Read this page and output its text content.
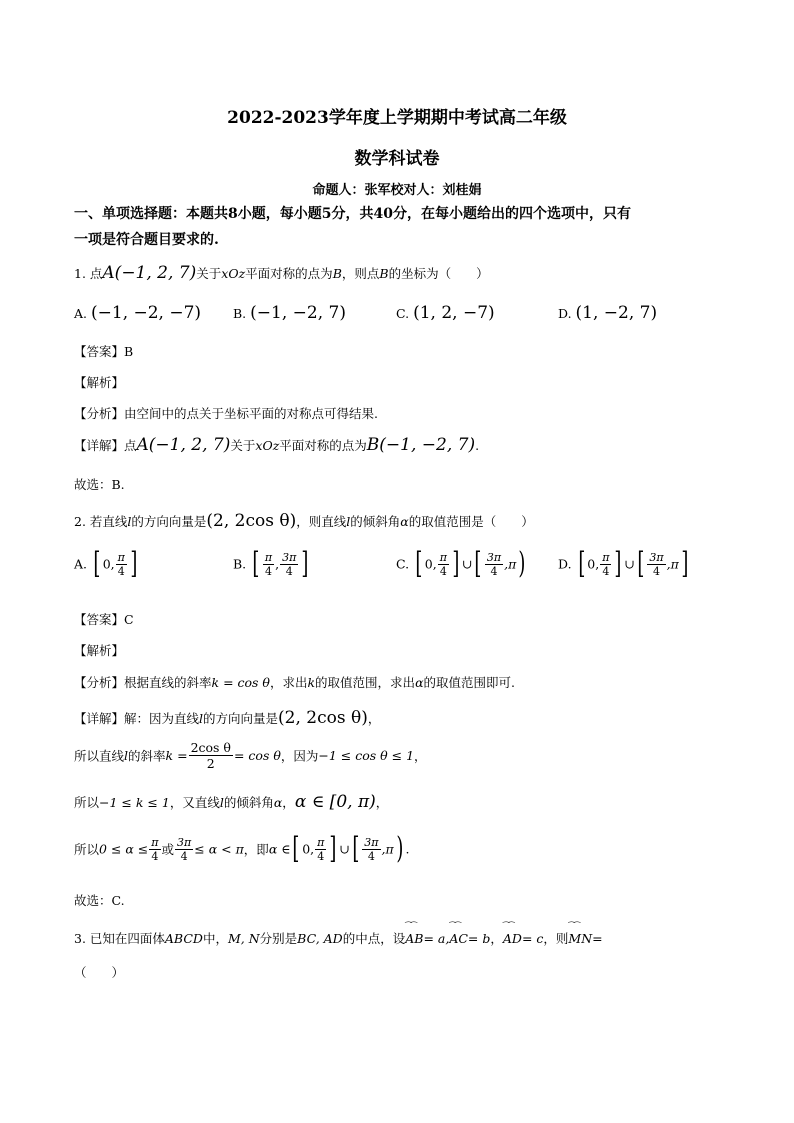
2022-2023学年度上学期期中考试高二年级
数学科试卷
命题人：张军校对人：刘桂娟
一、单项选择题：本题共8小题，每小题5分，共40分，在每小题给出的四个选项中，只有
一项是符合题目要求的.
1. 点A(−1, 2, 7)关于xOz平面对称的点为B，则点B的坐标为（　　）
A. (−1, −2, −7)	B. (−1, −2, 7)	C. (1, 2, −7)	D. (1, −2, 7)
【答案】B
【解析】
【分析】由空间中的点关于坐标平面的对称点可得结果.
【详解】点A(−1, 2, 7)关于xOz平面对称的点为B(−1, −2, 7).
故选：B.
2. 若直线l的方向向量是(2, 2cos θ)，则直线l的倾斜角α的取值范围是（　　）
A. [ 0, $\frac{\pi}{4}$ ]	B. [ $\frac{\pi}{4}$ , $\frac{3\pi}{4}$ ]	C. [ 0, $\frac{\pi}{4}$ ] ∪[ $\frac{3\pi}{4} ,\pi$)	D. [ 0, $\frac{\pi}{4}$ ] ∪[ $\frac{3\pi}{4} ,\pi$]
【答案】C
【解析】
【分析】根据直线的斜率k = cos θ，求出k的取值范围，求出α的取值范围即可.
【详解】解：因为直线l的方向向量是(2, 2cos θ)，
所以直线l的斜率$k = \frac{\text{2cos θ}}{2} = \cos \theta$，因为−1 ≤ cos θ ≤ 1，
所以−1 ≤ k ≤ 1，又直线l的倾斜角α，α ∈ [0, π)，
所以$0 \le \alpha \le \frac{\pi}{4}$ 或 $\frac{3\pi}{4} \le \alpha < \pi$，即α ∈[ 0, $\frac{\pi}{4}$ ] ∪[ $\frac{3\pi}{4} ,\pi$) .
故选：C.
3. 已知在四面体ABCD中，M, N分别是BC, AD的中点，设⁀⁀ AB= a,⁀⁀ AC= b，⁀⁀ AD= c，则⁀⁀ MN=
（　　）
